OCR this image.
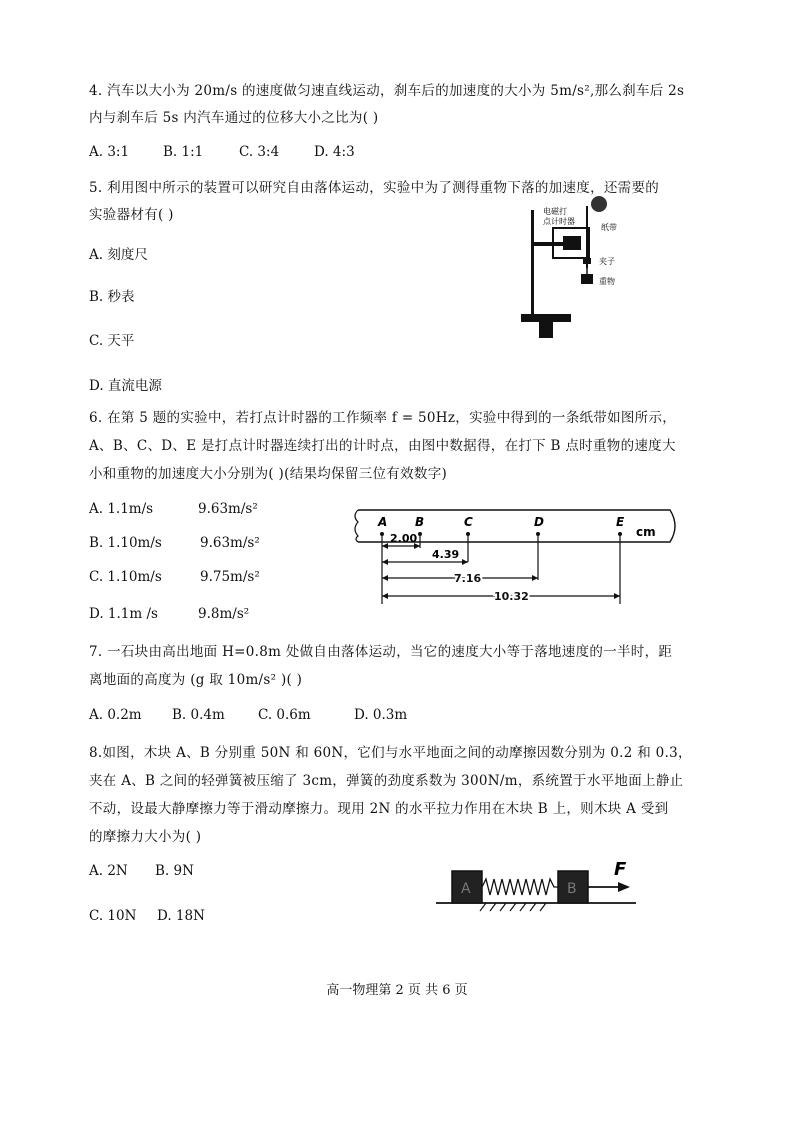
4. 汽车以大小为 20m/s 的速度做匀速直线运动，刹车后的加速度的大小为 5m/s²,那么刹车后 2s
内与刹车后 5s 内汽车通过的位移大小之比为( )
A. 3:1	B. 1:1	C. 3:4	D. 4:3
5. 利用图中所示的装置可以研究自由落体运动，实验中为了测得重物下落的加速度，还需要的
实验器材有( )
A. 刻度尺
B. 秒表
C. 天平
D. 直流电源
电磁打
点计时器
纸带
夹子
重物
6. 在第 5 题的实验中，若打点计时器的工作频率 f = 50Hz，实验中得到的一条纸带如图所示，
A、B、C、D、E 是打点计时器连续打出的计时点，由图中数据得，在打下 B 点时重物的速度大
小和重物的加速度大小分别为( )(结果均保留三位有效数字)
A. 1.1m/s	9.63m/s²
B. 1.10m/s	9.63m/s²
C. 1.10m/s	9.75m/s²
D. 1.1m /s	9.8m/s²
A B	C	D	E
cm
2.00
4.39
7.16
10.32
7. 一石块由高出地面 H=0.8m 处做自由落体运动，当它的速度大小等于落地速度的一半时，距
离地面的高度为 (g 取 10m/s² )( )
A. 0.2m B. 0.4m C. 0.6m	D. 0.3m
8.如图，木块 A、B 分别重 50N 和 60N，它们与水平地面之间的动摩擦因数分别为 0.2 和 0.3，
夹在 A、B 之间的轻弹簧被压缩了 3cm，弹簧的劲度系数为 300N/m，系统置于水平地面上静止
不动，设最大静摩擦力等于滑动摩擦力。现用 2N 的水平拉力作用在木块 B 上，则木块 A 受到
的摩擦力大小为( )
A. 2N B. 9N
C. 10N D. 18N
A	B
F
高一物理第 2 页 共 6 页
